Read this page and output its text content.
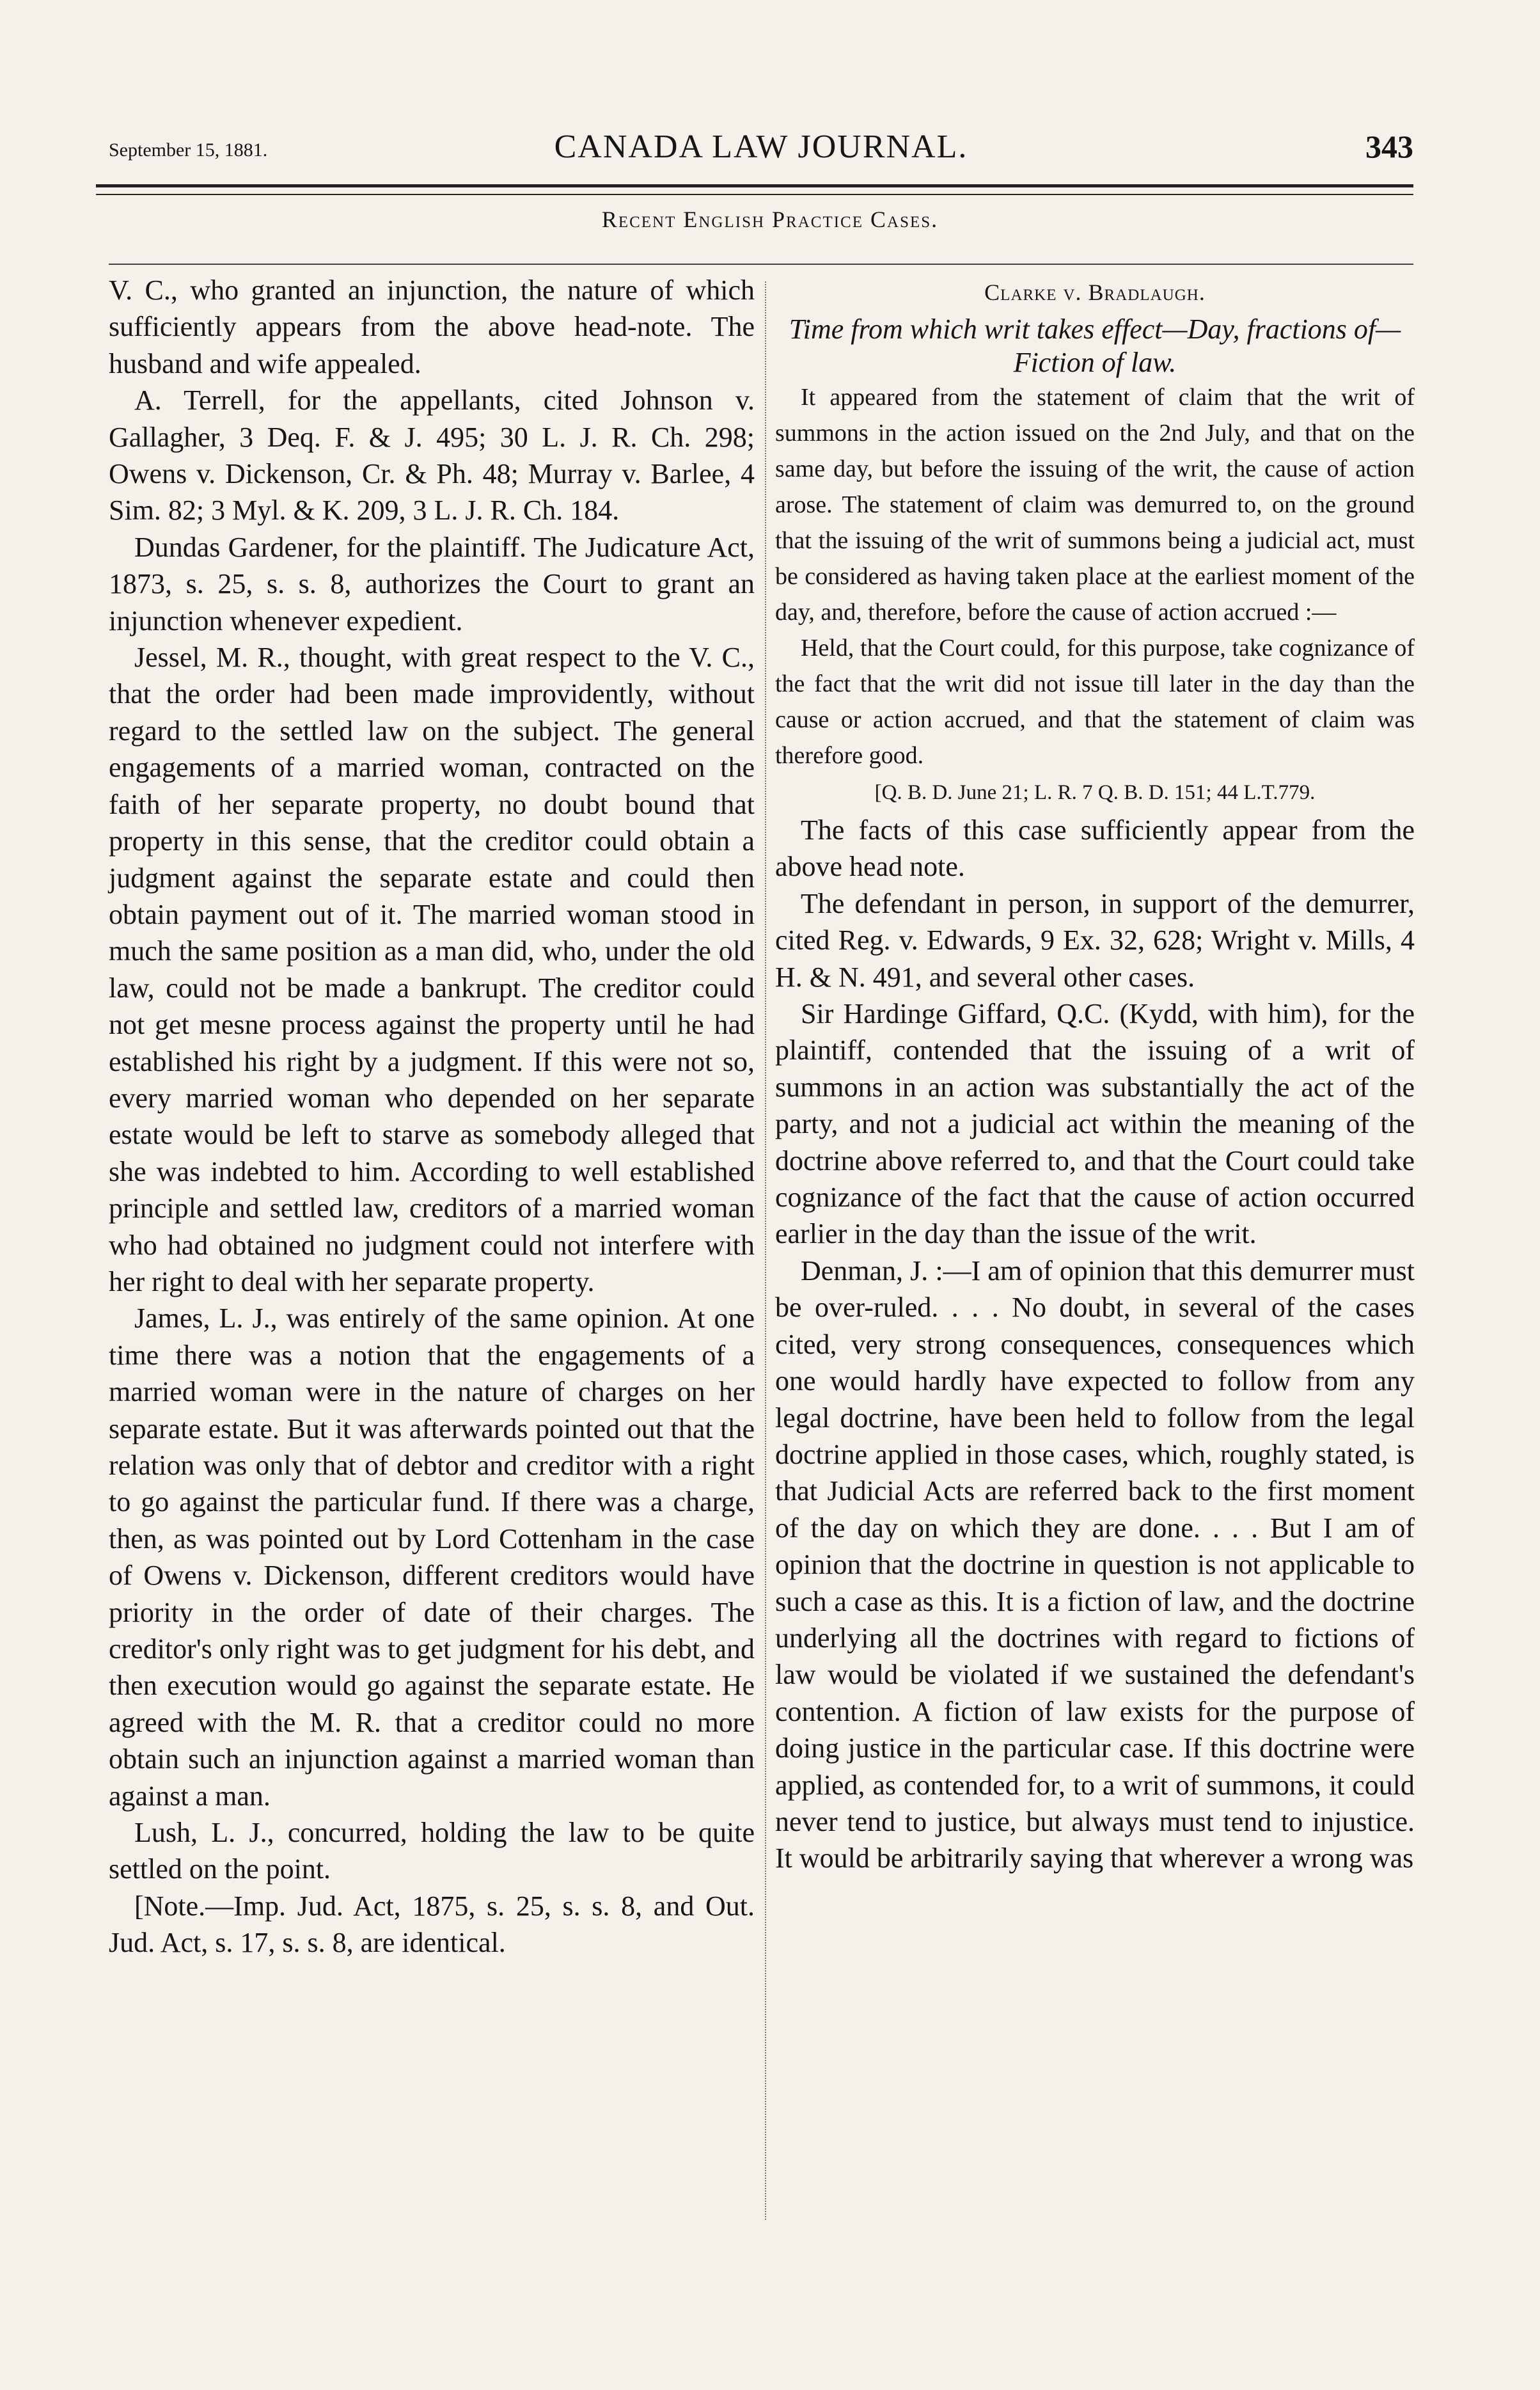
September 15, 1881.	CANADA LAW JOURNAL.	343
Recent English Practice Cases.

V. C., who granted an injunction, the nature of which sufficiently appears from the above head-note. The husband and wife appealed.

A. Terrell, for the appellants, cited Johnson v. Gallagher, 3 Deq. F. & J. 495; 30 L. J. R. Ch. 298; Owens v. Dickenson, Cr. & Ph. 48; Murray v. Barlee, 4 Sim. 82; 3 Myl. & K. 209, 3 L. J. R. Ch. 184.

Dundas Gardener, for the plaintiff. The Judicature Act, 1873, s. 25, s. s. 8, authorizes the Court to grant an injunction whenever expedient.

Jessel, M. R., thought, with great respect to the V. C., that the order had been made improvidently, without regard to the settled law on the subject. The general engagements of a married woman, contracted on the faith of her separate property, no doubt bound that property in this sense, that the creditor could obtain a judgment against the separate estate and could then obtain payment out of it. The married woman stood in much the same position as a man did, who, under the old law, could not be made a bankrupt. The creditor could not get mesne process against the property until he had established his right by a judgment. If this were not so, every married woman who depended on her separate estate would be left to starve as somebody alleged that she was indebted to him. According to well established principle and settled law, creditors of a married woman who had obtained no judgment could not interfere with her right to deal with her separate property.

James, L. J., was entirely of the same opinion. At one time there was a notion that the engagements of a married woman were in the nature of charges on her separate estate. But it was afterwards pointed out that the relation was only that of debtor and creditor with a right to go against the particular fund. If there was a charge, then, as was pointed out by Lord Cottenham in the case of Owens v. Dickenson, different creditors would have priority in the order of date of their charges. The creditor's only right was to get judgment for his debt, and then execution would go against the separate estate. He agreed with the M. R. that a creditor could no more obtain such an injunction against a married woman than against a man.

Lush, L. J., concurred, holding the law to be quite settled on the point.

[Note.—Imp. Jud. Act, 1875, s. 25, s. s. 8, and Out. Jud. Act, s. 17, s. s. 8, are identical.

Clarke v. Bradlaugh.

Time from which writ takes effect—Day, fractions of—Fiction of law.

It appeared from the statement of claim that the writ of summons in the action issued on the 2nd July, and that on the same day, but before the issuing of the writ, the cause of action arose. The statement of claim was demurred to, on the ground that the issuing of the writ of summons being a judicial act, must be considered as having taken place at the earliest moment of the day, and, therefore, before the cause of action accrued :—

Held, that the Court could, for this purpose, take cognizance of the fact that the writ did not issue till later in the day than the cause or action accrued, and that the statement of claim was therefore good.

[Q. B. D. June 21; L. R. 7 Q. B. D. 151; 44 L.T.779.

The facts of this case sufficiently appear from the above head note.

The defendant in person, in support of the demurrer, cited Reg. v. Edwards, 9 Ex. 32, 628; Wright v. Mills, 4 H. & N. 491, and several other cases.

Sir Hardinge Giffard, Q.C. (Kydd, with him), for the plaintiff, contended that the issuing of a writ of summons in an action was substantially the act of the party, and not a judicial act within the meaning of the doctrine above referred to, and that the Court could take cognizance of the fact that the cause of action occurred earlier in the day than the issue of the writ.

Denman, J. :—I am of opinion that this demurrer must be over-ruled. . . . No doubt, in several of the cases cited, very strong consequences, consequences which one would hardly have expected to follow from any legal doctrine, have been held to follow from the legal doctrine applied in those cases, which, roughly stated, is that Judicial Acts are referred back to the first moment of the day on which they are done. . . . But I am of opinion that the doctrine in question is not applicable to such a case as this. It is a fiction of law, and the doctrine underlying all the doctrines with regard to fictions of law would be violated if we sustained the defendant's contention. A fiction of law exists for the purpose of doing justice in the particular case. If this doctrine were applied, as contended for, to a writ of summons, it could never tend to justice, but always must tend to injustice. It would be arbitrarily saying that wherever a wrong was
